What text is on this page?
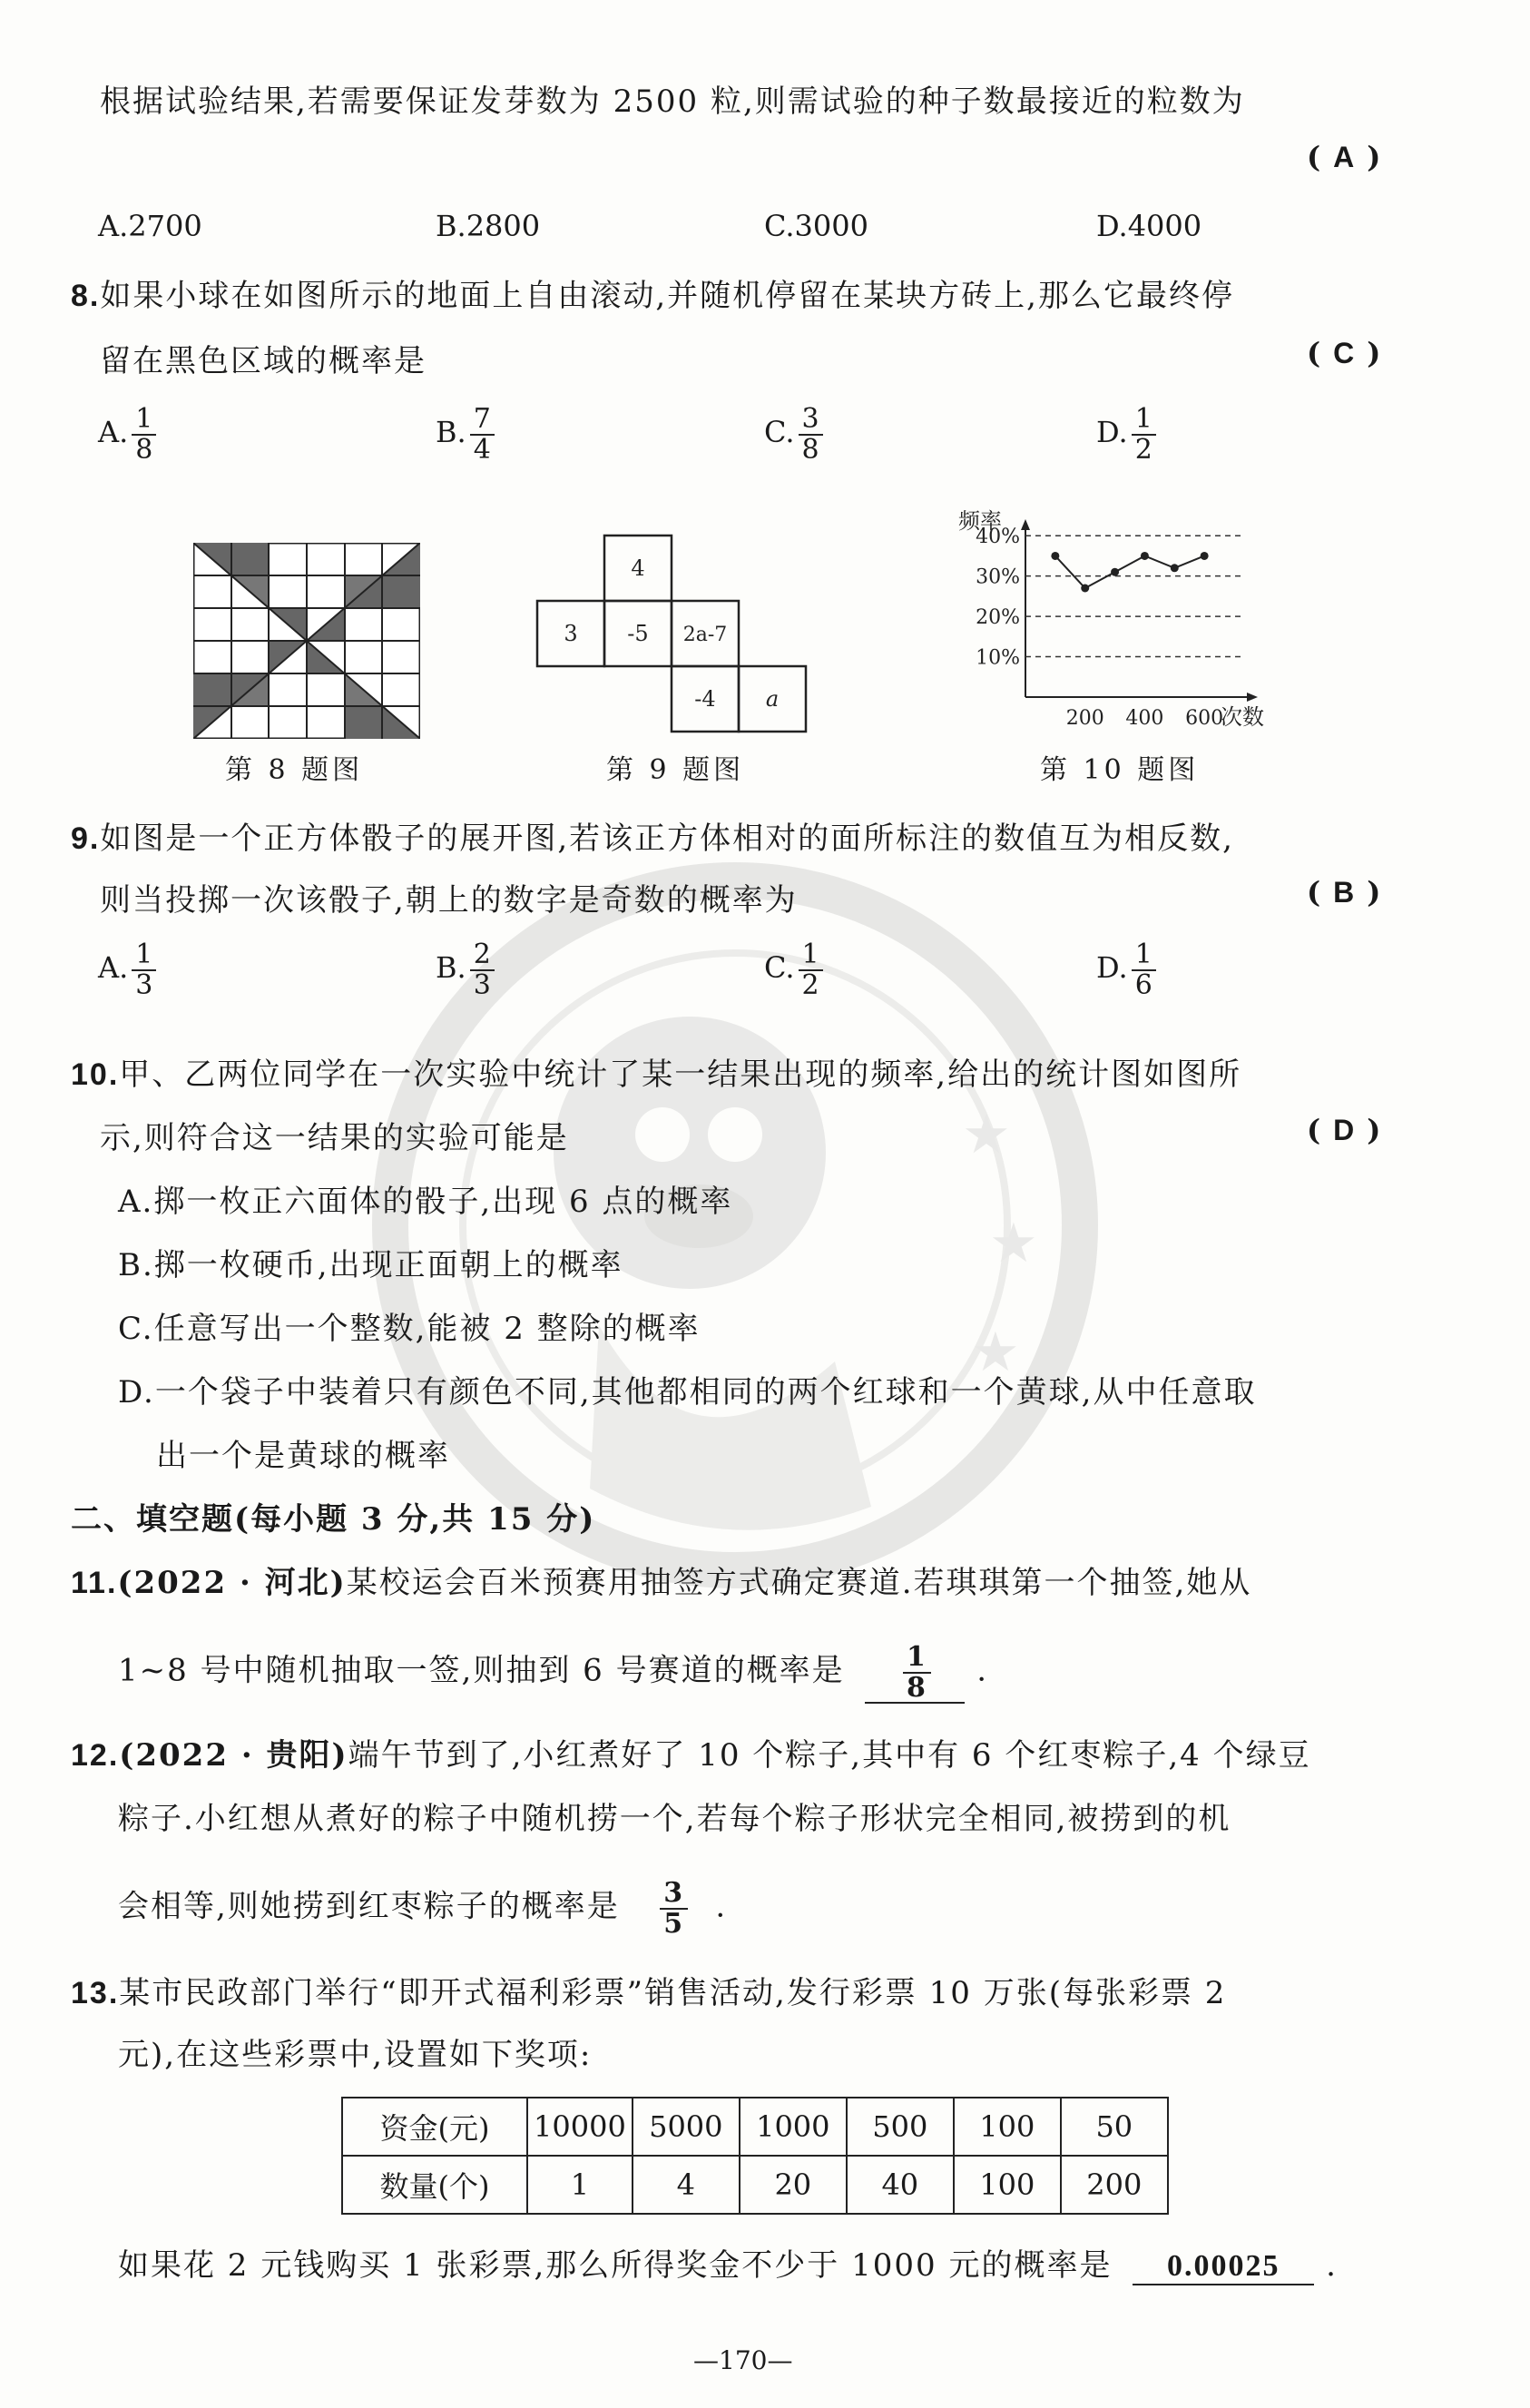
★
★
★
根据试验结果,若需要保证发芽数为 2500 粒,则需试验的种子数最接近的粒数为
( A )
A.2700	B.2800	C.3000	D.4000
8.如果小球在如图所示的地面上自由滚动,并随机停留在某块方砖上,那么它最终停
留在黑色区域的概率是	( C )
A. $\frac{1}{8}$	B. $\frac{7}{4}$	C. $\frac{3}{8}$	D. $\frac{1}{2}$
第 8 题图
4
3 -5 2a-7
-4 a
第 9 题图
频率
次数
10%
20%
30%
40%
200 400 600
第 10 题图
9.如图是一个正方体骰子的展开图,若该正方体相对的面所标注的数值互为相反数,
则当投掷一次该骰子,朝上的数字是奇数的概率为	( B )
A. $\frac{1}{3}$	B. $\frac{2}{3}$	C. $\frac{1}{2}$	D. $\frac{1}{6}$
10.甲、乙两位同学在一次实验中统计了某一结果出现的频率,给出的统计图如图所
示,则符合这一结果的实验可能是	( D )
A.掷一枚正六面体的骰子,出现 6 点的概率
B.掷一枚硬币,出现正面朝上的概率
C.任意写出一个整数,能被 2 整除的概率
D.一个袋子中装着只有颜色不同,其他都相同的两个红球和一个黄球,从中任意取
出一个是黄球的概率
二、填空题(每小题 3 分,共 15 分)
11.(2022 · 河北)某校运会百米预赛用抽签方式确定赛道.若琪琪第一个抽签,她从
1~8 号中随机抽取一签,则抽到 6 号赛道的概率是 $\frac{1}{8}$ .
12.(2022 · 贵阳)端午节到了,小红煮好了 10 个粽子,其中有 6 个红枣粽子,4 个绿豆
粽子.小红想从煮好的粽子中随机捞一个,若每个粽子形状完全相同,被捞到的机
会相等,则她捞到红枣粽子的概率是 $\frac{3}{5}$ .
13.某市民政部门举行“即开式福利彩票”销售活动,发行彩票 10 万张(每张彩票 2
元),在这些彩票中,设置如下奖项:
资金(元)	10000	5000	1000	500	100	50
数量(个)	1	4	20	40	100	200
如果花 2 元钱购买 1 张彩票,那么所得奖金不少于 1000 元的概率是 0.00025 .
—170—
